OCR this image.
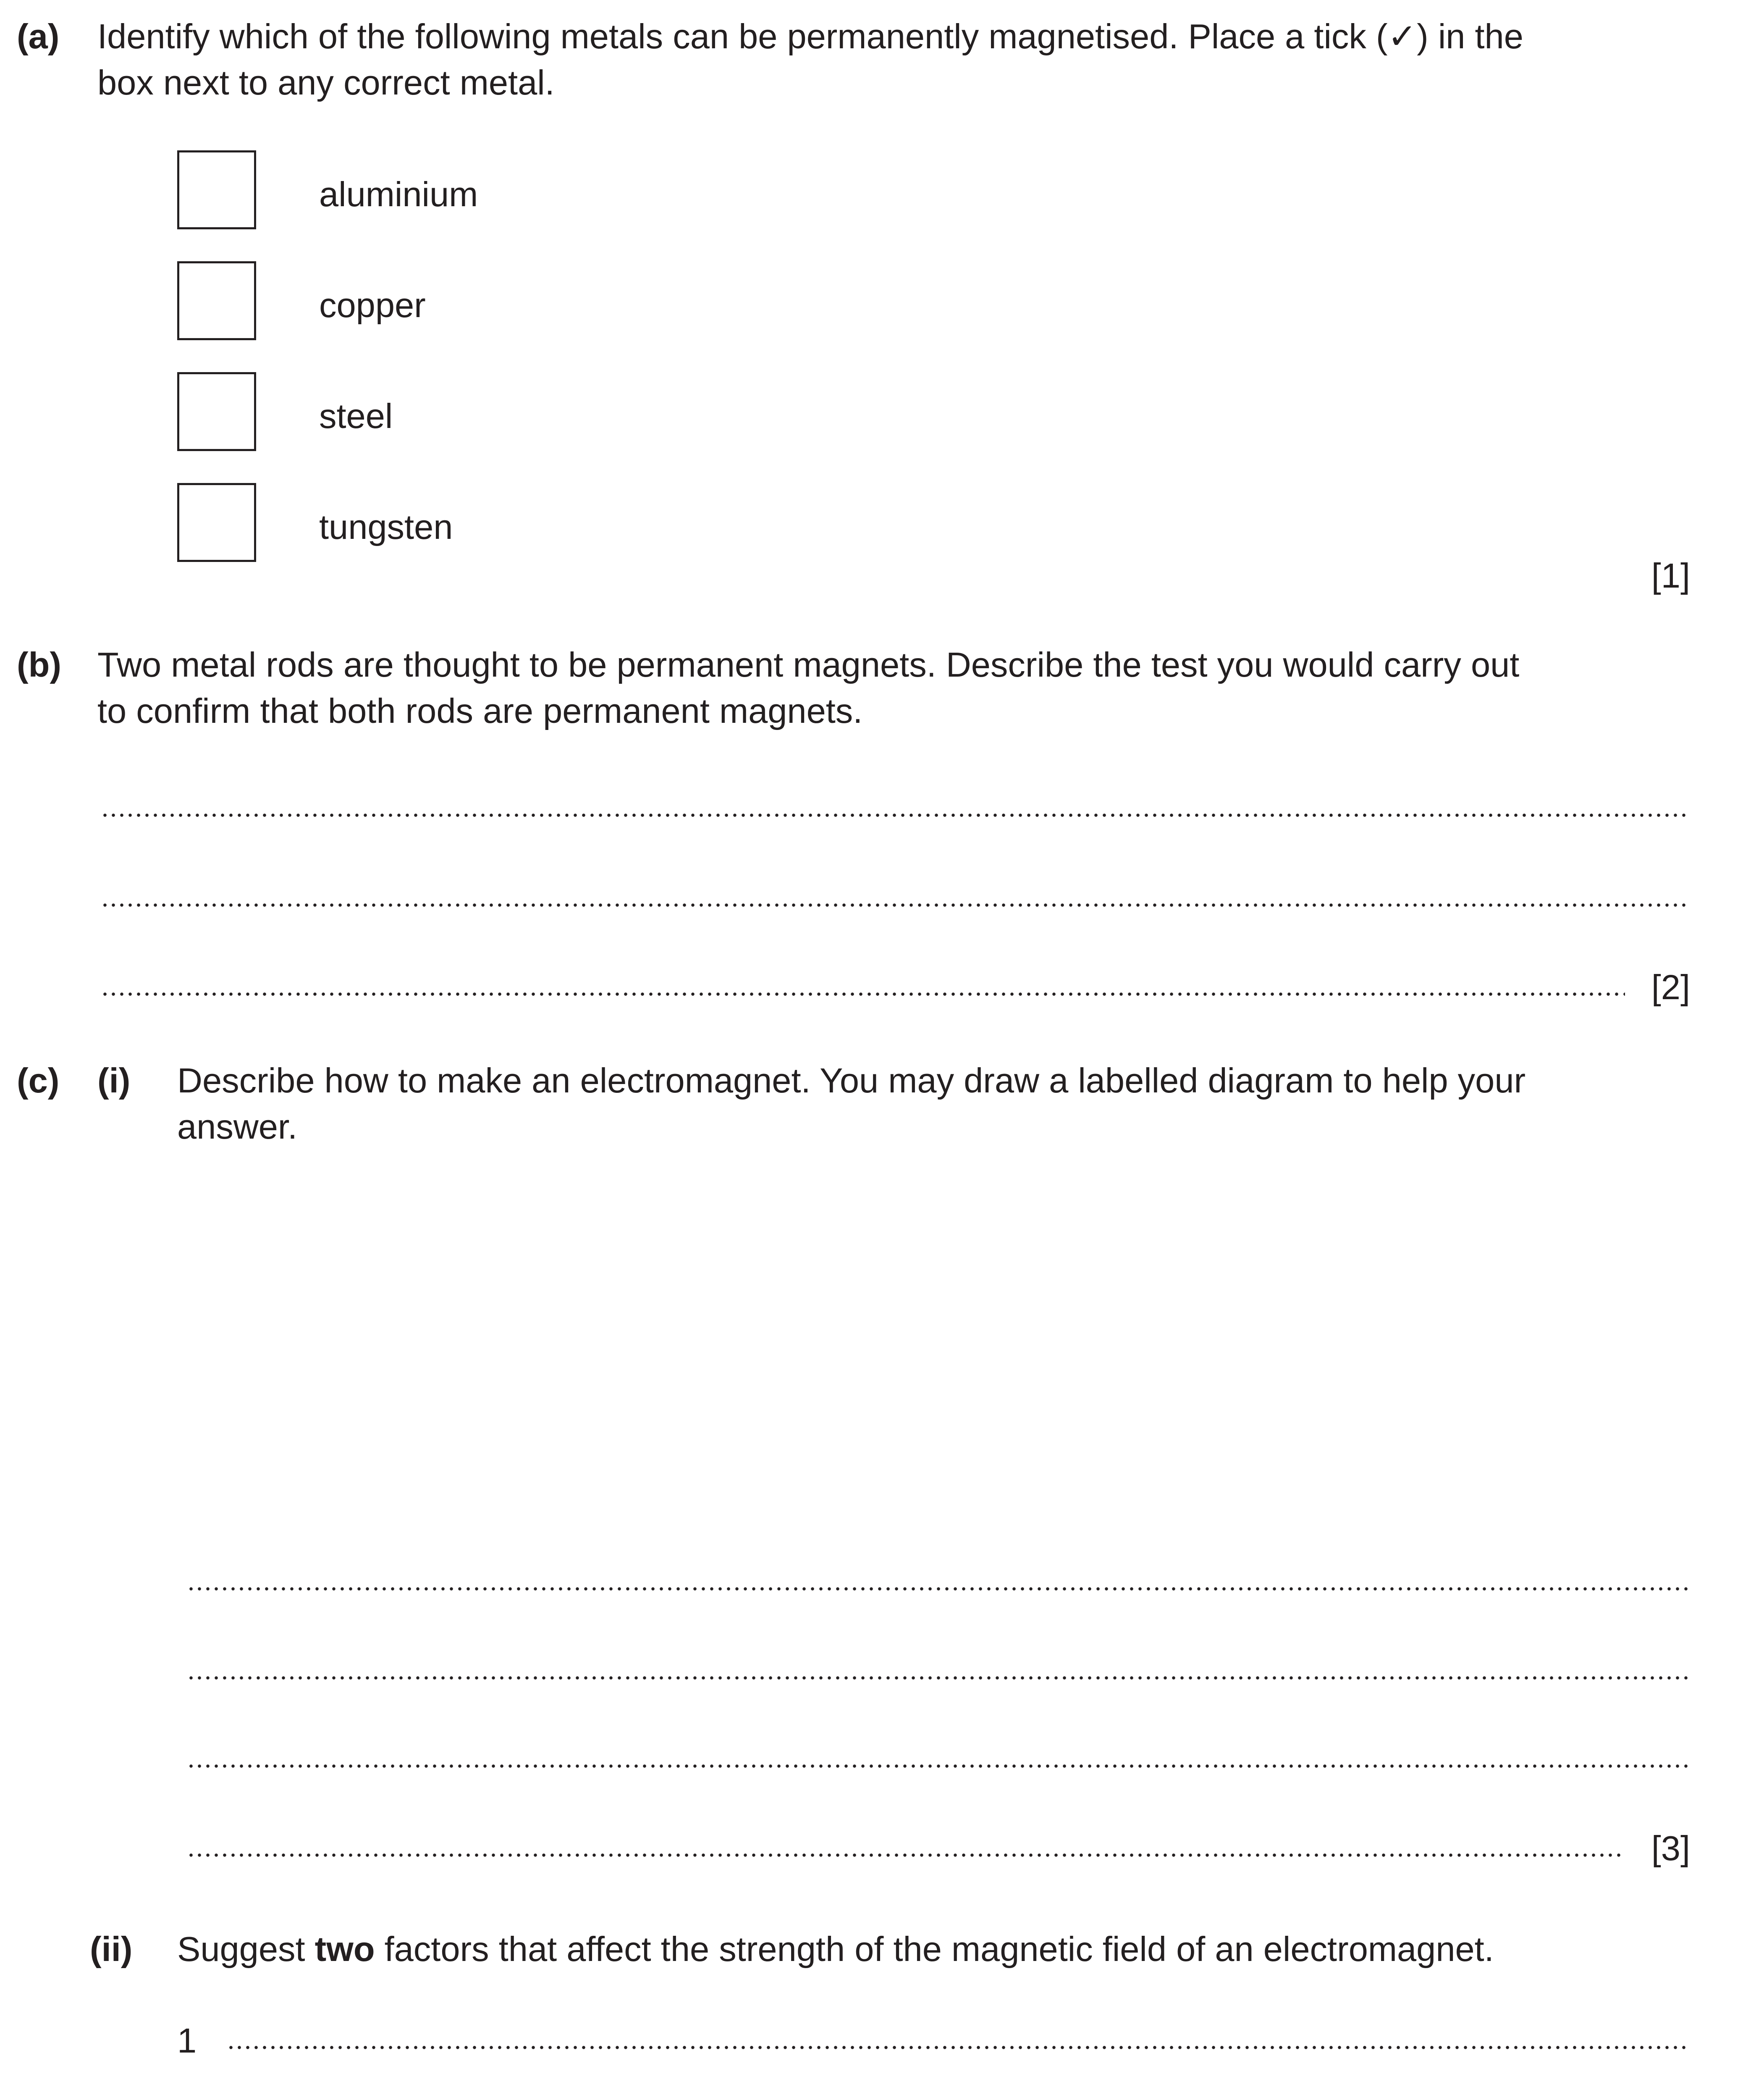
(a) Identify which of the following metals can be permanently magnetised. Place a tick (✓) in the
box next to any correct metal.
aluminium
copper
steel
tungsten
[1]
(b) Two metal rods are thought to be permanent magnets. Describe the test you would carry out
to confirm that both rods are permanent magnets.
[2]
(c) (i) Describe how to make an electromagnet. You may draw a labelled diagram to help your
answer.
[3]
(ii) Suggest two factors that affect the strength of the magnetic field of an electromagnet.
1
